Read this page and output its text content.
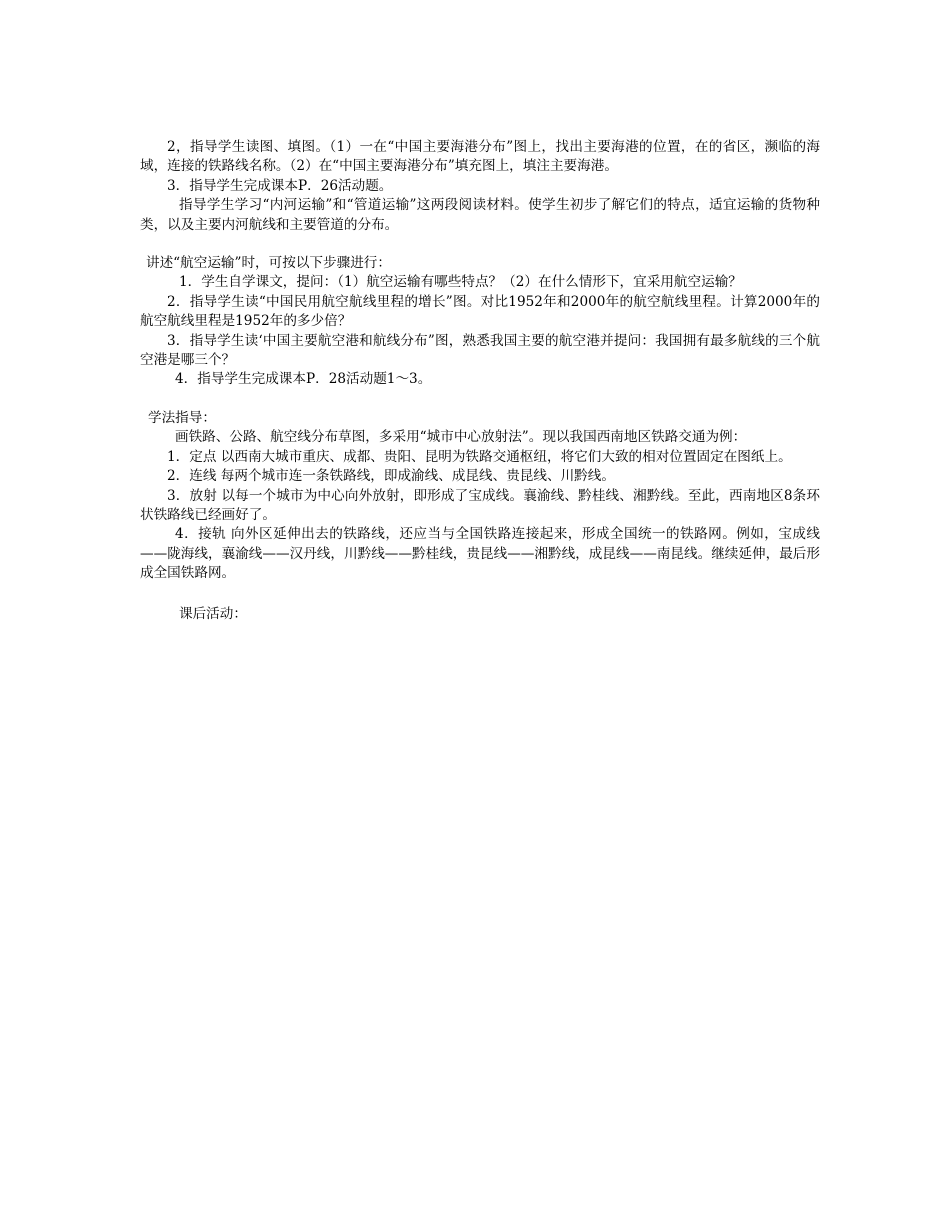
2，指导学生读图、填图。（1）一在“中国主要海港分布”图上，找出主要海港的位置，在的省区，濒临的海域，连接的铁路线名称。（2）在“中国主要海港分布”填充图上，填注主要海港。

3．指导学生完成课本P．26活动题。

指导学生学习“内河运输”和“管道运输”这两段阅读材料。使学生初步了解它们的特点，适宜运输的货物种类，以及主要内河航线和主要管道的分布。

讲述“航空运输”时，可按以下步骤进行：

1．学生自学课文，提问：（1）航空运输有哪些特点？（2）在什么情形下，宜采用航空运输？

2．指导学生读“中国民用航空航线里程的增长”图。对比1952年和2000年的航空航线里程。计算2000年的航空航线里程是1952年的多少倍？

3．指导学生读‘中国主要航空港和航线分布”图，熟悉我国主要的航空港并提问：我国拥有最多航线的三个航空港是哪三个？

4．指导学生完成课本P．28活动题1～3。

学法指导：

画铁路、公路、航空线分布草图，多采用“城市中心放射法”。现以我国西南地区铁路交通为例：

1．定点 以西南大城市重庆、成都、贵阳、昆明为铁路交通枢纽，将它们大致的相对位置固定在图纸上。

2．连线 每两个城市连一条铁路线，即成渝线、成昆线、贵昆线、川黔线。

3．放射 以每一个城市为中心向外放射，即形成了宝成线。襄渝线、黔桂线、湘黔线。至此，西南地区8条环状铁路线已经画好了。

4．接轨 向外区延伸出去的铁路线，还应当与全国铁路连接起来，形成全国统一的铁路网。例如，宝成线——陇海线，襄渝线——汉丹线，川黔线——黔桂线，贵昆线——湘黔线，成昆线——南昆线。继续延伸，最后形成全国铁路网。

课后活动：
